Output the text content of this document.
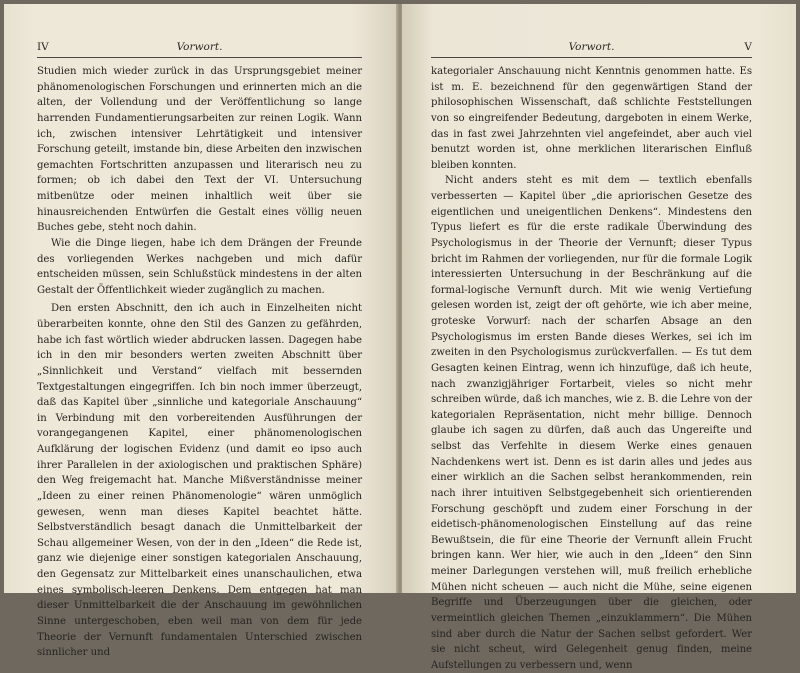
IV	Vorwort.

Studien mich wieder zurück in das Ursprungsgebiet meiner phänomenologischen Forschungen und erinnerten mich an die alten, der Vollendung und der Veröffentlichung so lange harrenden Fundamentierungsarbeiten zur reinen Logik. Wann ich, zwischen intensiver Lehrtätigkeit und intensiver Forschung geteilt, imstande bin, diese Arbeiten den inzwischen gemachten Fortschritten anzupassen und literarisch neu zu formen; ob ich dabei den Text der VI. Untersuchung mitbenütze oder meinen inhaltlich weit über sie hinausreichenden Entwürfen die Gestalt eines völlig neuen Buches gebe, steht noch dahin.

Wie die Dinge liegen, habe ich dem Drängen der Freunde des vorliegenden Werkes nachgeben und mich dafür entscheiden müssen, sein Schlußstück mindestens in der alten Gestalt der Öffentlichkeit wieder zugänglich zu machen.

Den ersten Abschnitt, den ich auch in Einzelheiten nicht überarbeiten konnte, ohne den Stil des Ganzen zu gefährden, habe ich fast wörtlich wieder abdrucken lassen. Dagegen habe ich in den mir besonders werten zweiten Abschnitt über „Sinnlichkeit und Verstand“ vielfach mit bessernden Textgestaltungen eingegriffen. Ich bin noch immer überzeugt, daß das Kapitel über „sinnliche und kategoriale Anschauung“ in Verbindung mit den vorbereitenden Ausführungen der vorangegangenen Kapitel, einer phänomenologischen Aufklärung der logischen Evidenz (und damit eo ipso auch ihrer Parallelen in der axiologischen und praktischen Sphäre) den Weg freigemacht hat. Manche Mißverständnisse meiner „Ideen zu einer reinen Phänomenologie“ wären unmöglich gewesen, wenn man dieses Kapitel beachtet hätte. Selbstverständlich besagt danach die Unmittelbarkeit der Schau allgemeiner Wesen, von der in den „Ideen“ die Rede ist, ganz wie diejenige einer sonstigen kategorialen Anschauung, den Gegensatz zur Mittelbarkeit eines unanschaulichen, etwa eines symbolisch-leeren Denkens. Dem entgegen hat man dieser Unmittelbarkeit die der Anschauung im gewöhnlichen Sinne untergeschoben, eben weil man von dem für jede Theorie der Vernunft fundamentalen Unterschied zwischen sinnlicher und

Vorwort.	V

kategorialer Anschauung nicht Kenntnis genommen hatte. Es ist m. E. bezeichnend für den gegenwärtigen Stand der philosophischen Wissenschaft, daß schlichte Feststellungen von so eingreifender Bedeutung, dargeboten in einem Werke, das in fast zwei Jahrzehnten viel angefeindet, aber auch viel benutzt worden ist, ohne merklichen literarischen Einfluß bleiben konnten.

Nicht anders steht es mit dem — textlich ebenfalls verbesserten — Kapitel über „die apriorischen Gesetze des eigentlichen und uneigentlichen Denkens“. Mindestens den Typus liefert es für die erste radikale Überwindung des Psychologismus in der Theorie der Vernunft; dieser Typus bricht im Rahmen der vorliegenden, nur für die formale Logik interessierten Untersuchung in der Beschränkung auf die formal-logische Vernunft durch. Mit wie wenig Vertiefung gelesen worden ist, zeigt der oft gehörte, wie ich aber meine, groteske Vorwurf: nach der scharfen Absage an den Psychologismus im ersten Bande dieses Werkes, sei ich im zweiten in den Psychologismus zurückverfallen. — Es tut dem Gesagten keinen Eintrag, wenn ich hinzufüge, daß ich heute, nach zwanzigjähriger Fortarbeit, vieles so nicht mehr schreiben würde, daß ich manches, wie z. B. die Lehre von der kategorialen Repräsentation, nicht mehr billige. Dennoch glaube ich sagen zu dürfen, daß auch das Ungereifte und selbst das Verfehlte in diesem Werke eines genauen Nachdenkens wert ist. Denn es ist darin alles und jedes aus einer wirklich an die Sachen selbst herankommenden, rein nach ihrer intuitiven Selbstgegebenheit sich orientierenden Forschung geschöpft und zudem einer Forschung in der eidetisch-phänomenologischen Einstellung auf das reine Bewußtsein, die für eine Theorie der Vernunft allein Frucht bringen kann. Wer hier, wie auch in den „Ideen“ den Sinn meiner Darlegungen verstehen will, muß freilich erhebliche Mühen nicht scheuen — auch nicht die Mühe, seine eigenen Begriffe und Überzeugungen über die gleichen, oder vermeintlich gleichen Themen „einzuklammern“. Die Mühen sind aber durch die Natur der Sachen selbst gefordert. Wer sie nicht scheut, wird Gelegenheit genug finden, meine Aufstellungen zu verbessern und, wenn
